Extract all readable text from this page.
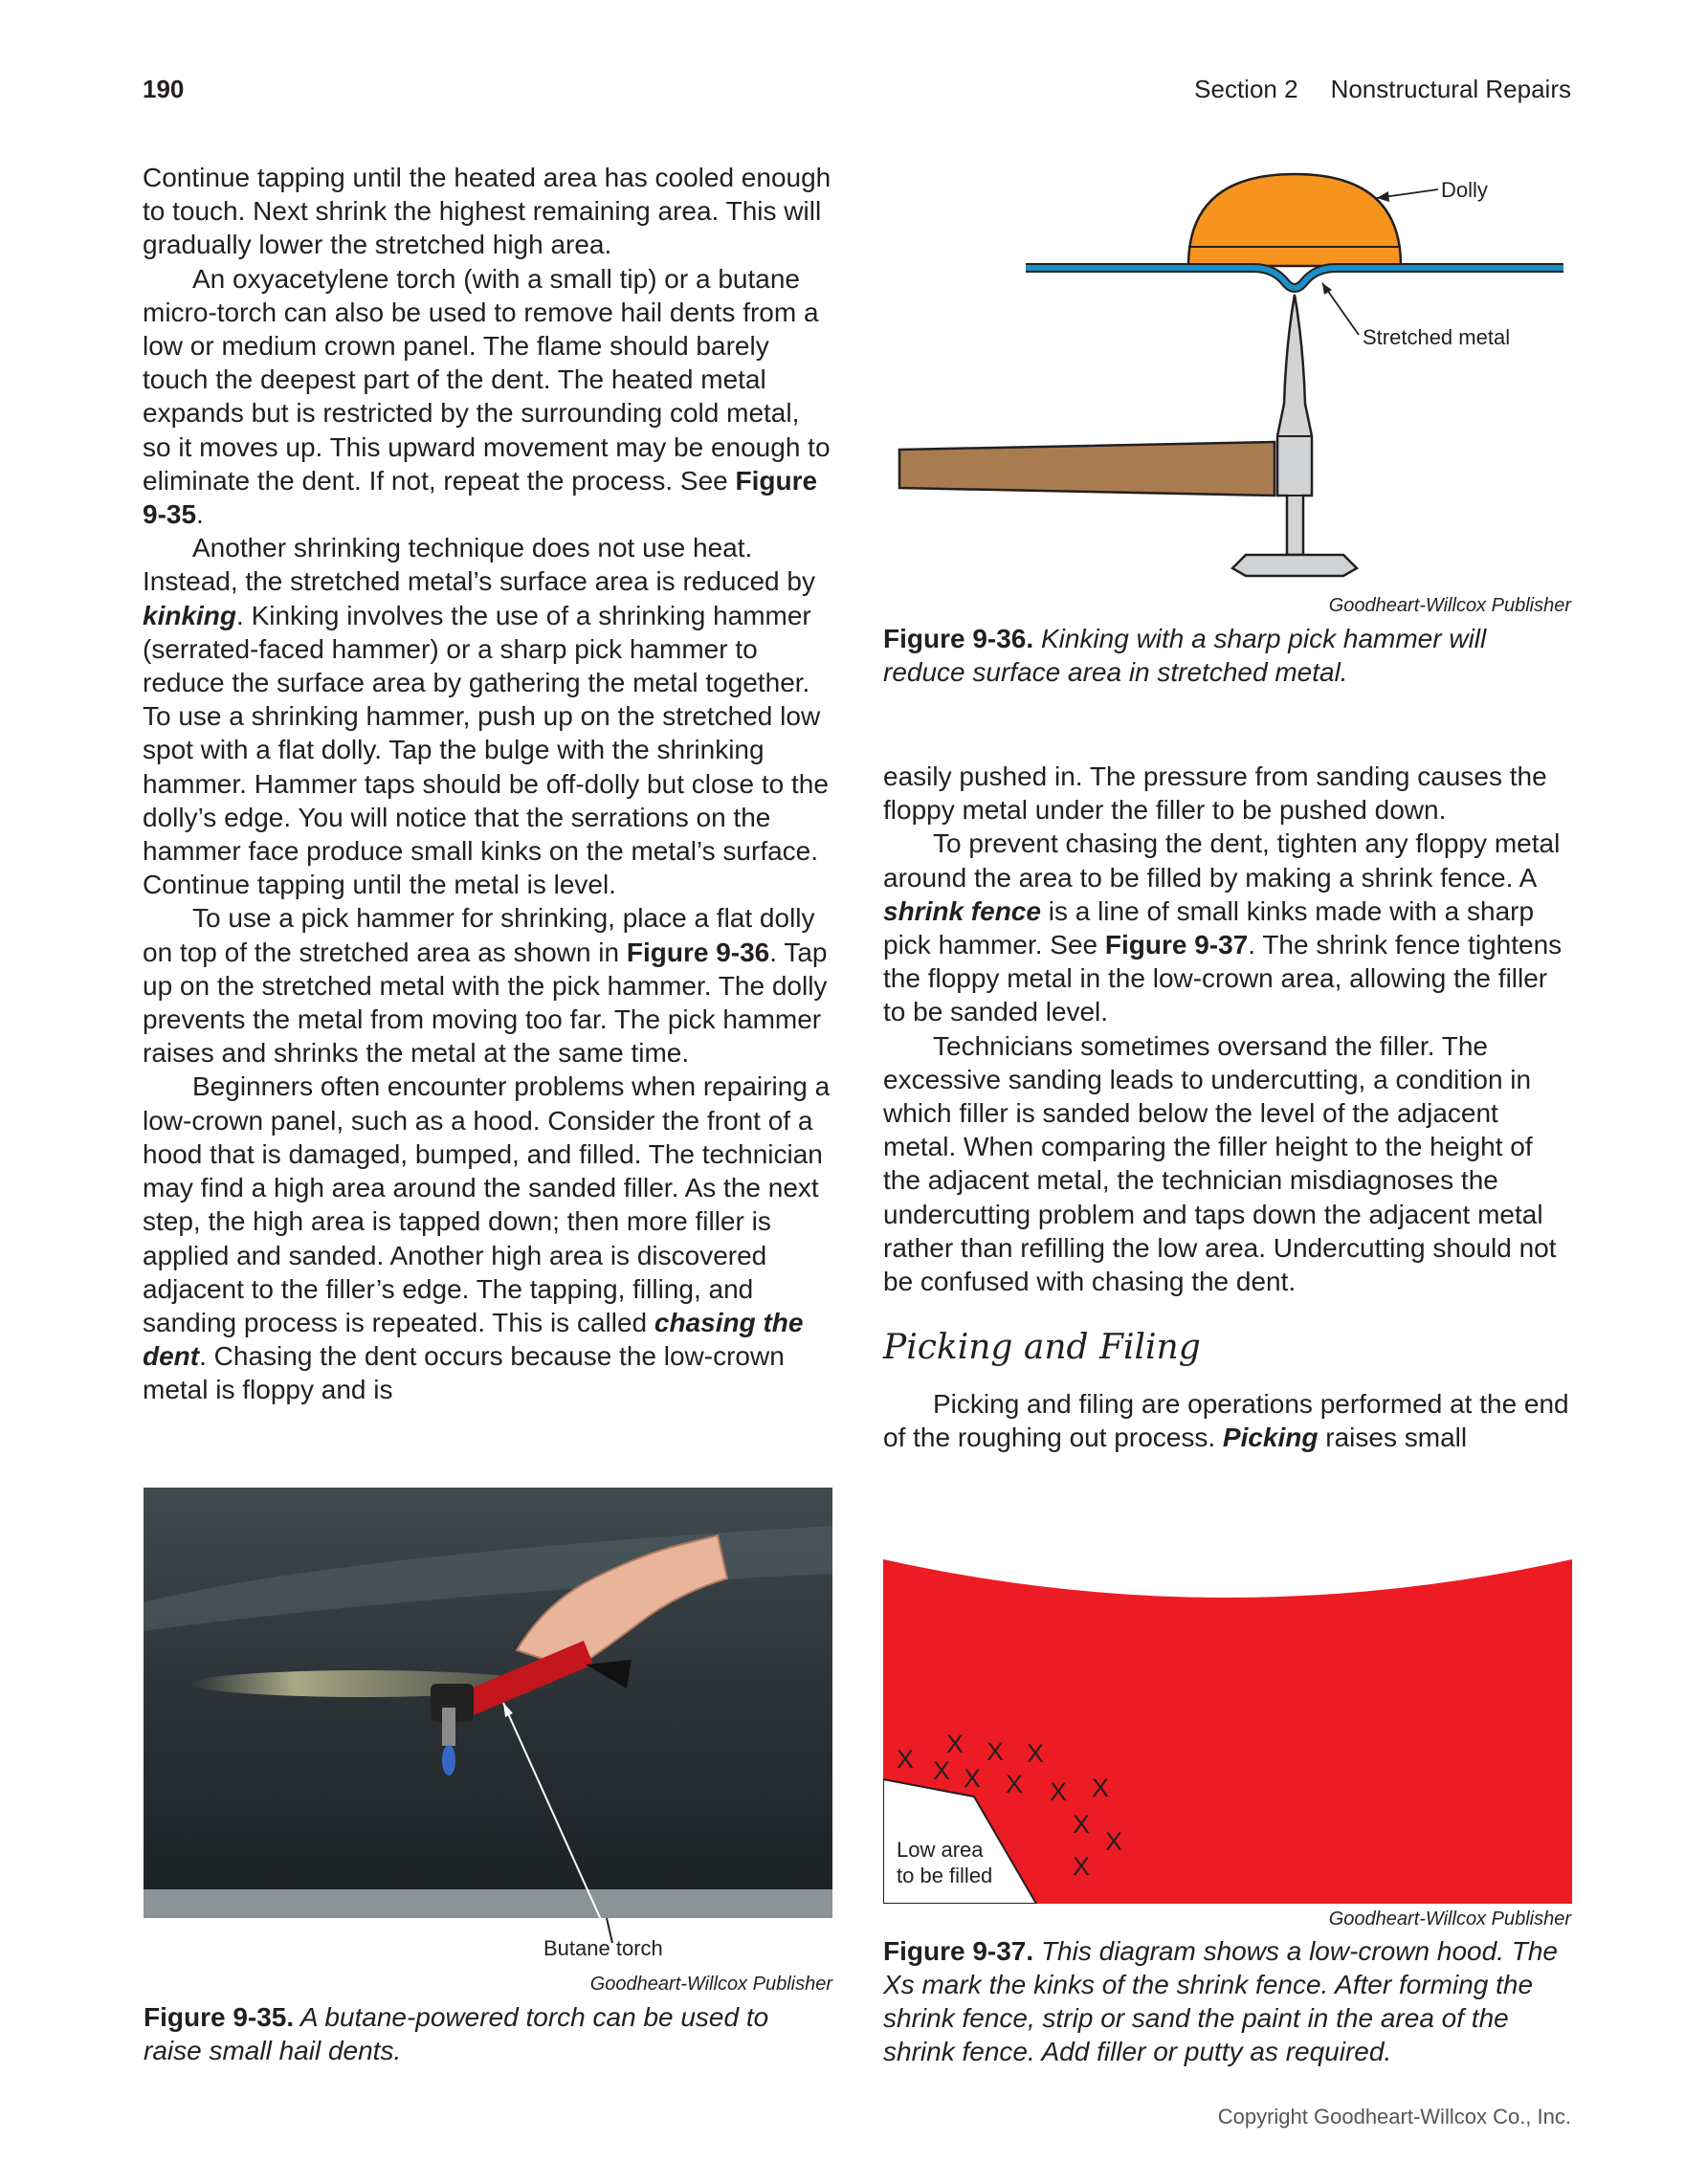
190	Section 2 Nonstructural Repairs

Continue tapping until the heated area has cooled enough to touch. Next shrink the highest remaining area. This will gradually lower the stretched high area.

An oxyacetylene torch (with a small tip) or a butane micro-torch can also be used to remove hail dents from a low or medium crown panel. The flame should barely touch the deepest part of the dent. The heated metal expands but is restricted by the surrounding cold metal, so it moves up. This upward movement may be enough to eliminate the dent. If not, repeat the process. See Figure 9-35.

Another shrinking technique does not use heat. Instead, the stretched metal’s surface area is reduced by kinking. Kinking involves the use of a shrinking hammer (serrated-faced hammer) or a sharp pick hammer to reduce the surface area by gathering the metal together. To use a shrinking hammer, push up on the stretched low spot with a flat dolly. Tap the bulge with the shrinking hammer. Hammer taps should be off-dolly but close to the dolly’s edge. You will notice that the serrations on the hammer face produce small kinks on the metal’s surface. Continue tapping until the metal is level.

To use a pick hammer for shrinking, place a flat dolly on top of the stretched area as shown in Figure 9-36. Tap up on the stretched metal with the pick hammer. The dolly prevents the metal from moving too far. The pick hammer raises and shrinks the metal at the same time.

Beginners often encounter problems when repairing a low-crown panel, such as a hood. Consider the front of a hood that is damaged, bumped, and filled. The technician may find a high area around the sanded filler. As the next step, the high area is tapped down; then more filler is applied and sanded. Another high area is discovered adjacent to the filler’s edge. The tapping, filling, and sanding process is repeated. This is called chasing the dent. Chasing the dent occurs because the low-crown metal is floppy and is

Dolly
Stretched metal
Goodheart-Willcox Publisher
Figure 9-36. Kinking with a sharp pick hammer will reduce surface area in stretched metal.

easily pushed in. The pressure from sanding causes the floppy metal under the filler to be pushed down.

To prevent chasing the dent, tighten any floppy metal around the area to be filled by making a shrink fence. A shrink fence is a line of small kinks made with a sharp pick hammer. See Figure 9-37. The shrink fence tightens the floppy metal in the low-crown area, allowing the filler to be sanded level.

Technicians sometimes oversand the filler. The excessive sanding leads to undercutting, a condition in which filler is sanded below the level of the adjacent metal. When comparing the filler height to the height of the adjacent metal, the technician misdiagnoses the undercutting problem and taps down the adjacent metal rather than refilling the low area. Undercutting should not be confused with chasing the dent.

Picking and Filing

Picking and filing are operations performed at the end of the roughing out process. Picking raises small

Butane torch
Goodheart-Willcox Publisher
Figure 9-35. A butane-powered torch can be used to raise small hail dents.
X
X
X
X
X
X
X X X
X
X
X
Low area
to be filled
Goodheart-Willcox Publisher
Figure 9-37. This diagram shows a low-crown hood. The Xs mark the kinks of the shrink fence. After forming the shrink fence, strip or sand the paint in the area of the shrink fence. Add filler or putty as required.
Copyright Goodheart-Willcox Co., Inc.
